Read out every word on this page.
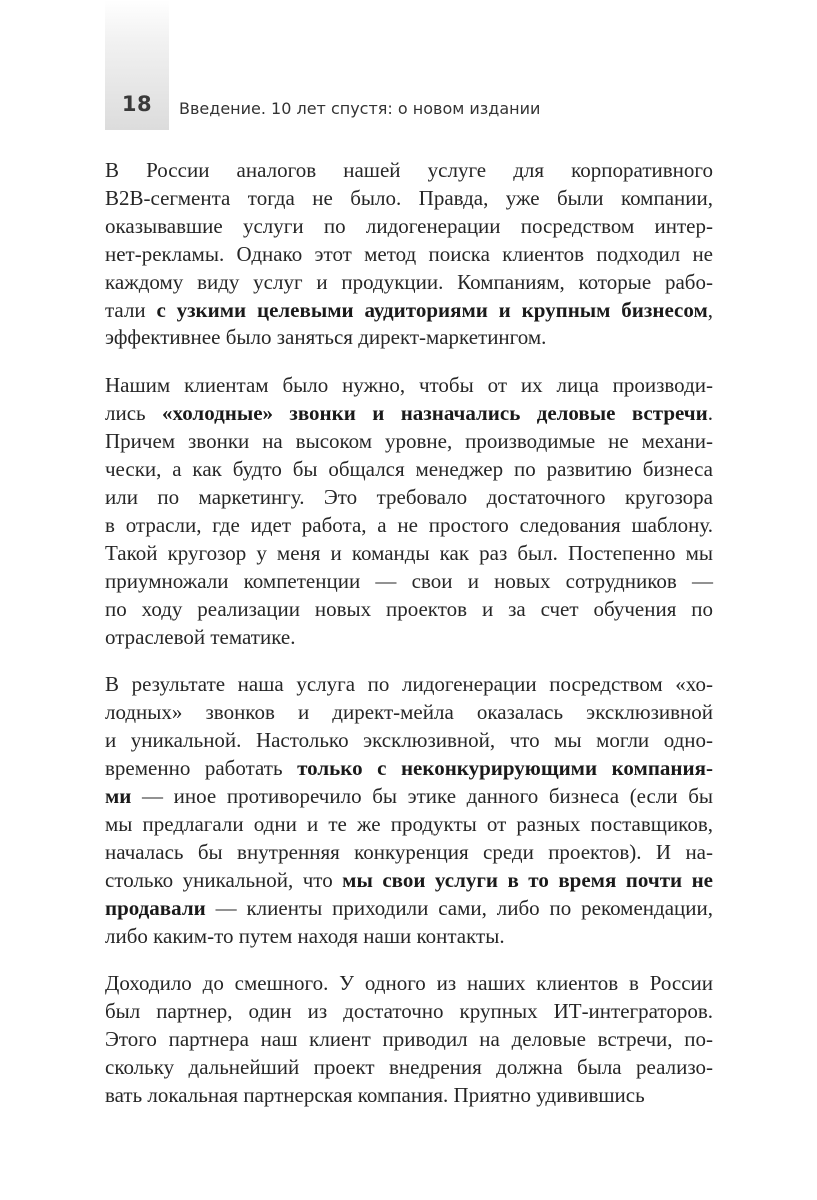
18	Введение. 10 лет спустя: о новом издании
В России аналогов нашей услуге для корпоративного
B2B-сегмента тогда не было. Правда, уже были компании,
оказывавшие услуги по лидогенерации посредством интер-
нет-рекламы. Однако этот метод поиска клиентов подходил не
каждому виду услуг и продукции. Компаниям, которые рабо-
тали с узкими целевыми аудиториями и крупным бизнесом,
эффективнее было заняться директ-маркетингом.
Нашим клиентам было нужно, чтобы от их лица производи-
лись «холодные» звонки и назначались деловые встречи.
Причем звонки на высоком уровне, производимые не механи-
чески, а как будто бы общался менеджер по развитию бизнеса
или по маркетингу. Это требовало достаточного кругозора
в отрасли, где идет работа, а не простого следования шаблону.
Такой кругозор у меня и команды как раз был. Постепенно мы
приумножали компетенции — свои и новых сотрудников —
по ходу реализации новых проектов и за счет обучения по
отраслевой тематике.
В результате наша услуга по лидогенерации посредством «хо-
лодных» звонков и директ-мейла оказалась эксклюзивной
и уникальной. Настолько эксклюзивной, что мы могли одно-
временно работать только с неконкурирующими компания-
ми — иное противоречило бы этике данного бизнеса (если бы
мы предлагали одни и те же продукты от разных поставщиков,
началась бы внутренняя конкуренция среди проектов). И на-
столько уникальной, что мы свои услуги в то время почти не
продавали — клиенты приходили сами, либо по рекомендации,
либо каким-то путем находя наши контакты.
Доходило до смешного. У одного из наших клиентов в России
был партнер, один из достаточно крупных ИТ-интеграторов.
Этого партнера наш клиент приводил на деловые встречи, по-
скольку дальнейший проект внедрения должна была реализо-
вать локальная партнерская компания. Приятно удивившись
